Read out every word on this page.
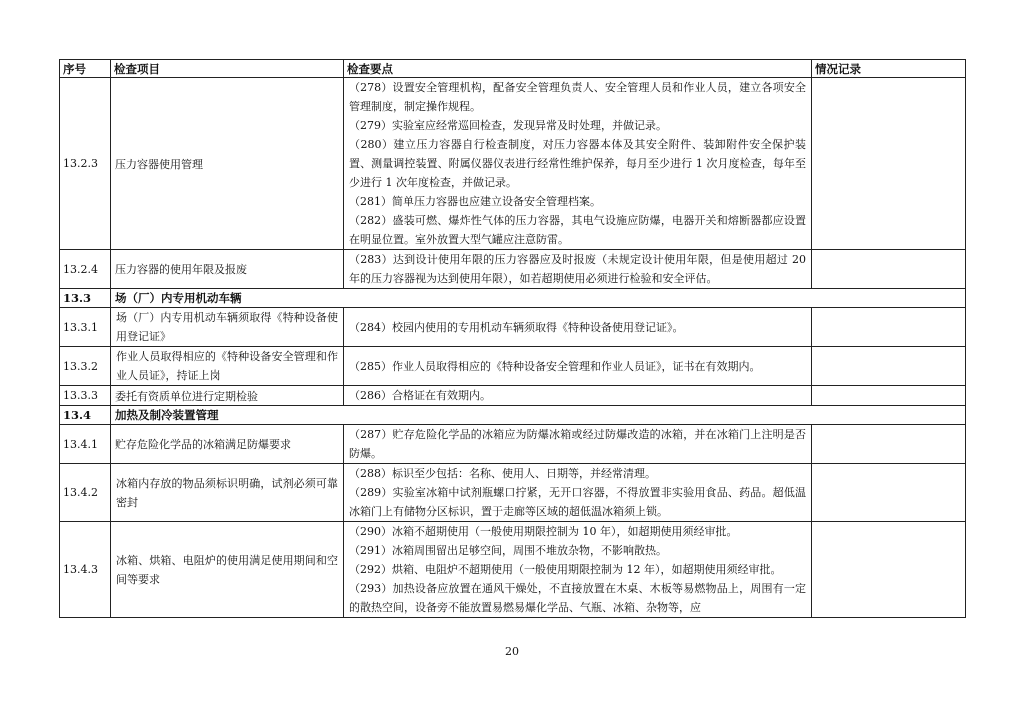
序号	检查项目	检查要点	情况记录
13.2.3	压力容器使用管理	（278）设置安全管理机构，配备安全管理负责人、安全管理人员和作业人员，建立各项安全管理制度，制定操作规程。
（279）实验室应经常巡回检查，发现异常及时处理，并做记录。
（280）建立压力容器自行检查制度，对压力容器本体及其安全附件、装卸附件安全保护装置、测量调控装置、附属仪器仪表进行经常性维护保养，每月至少进行 1 次月度检查，每年至少进行 1 次年度检查，并做记录。
（281）简单压力容器也应建立设备安全管理档案。
（282）盛装可燃、爆炸性气体的压力容器，其电气设施应防爆，电器开关和熔断器都应设置在明显位置。室外放置大型气罐应注意防雷。	

13.2.4	压力容器的使用年限及报废	（283）达到设计使用年限的压力容器应及时报废（未规定设计使用年限，但是使用超过 20 年的压力容器视为达到使用年限），如若超期使用必须进行检验和安全评估。	

13.3	场（厂）内专用机动车辆		
13.3.1	场（厂）内专用机动车辆须取得《特种设备使用登记证》	（284）校园内使用的专用机动车辆须取得《特种设备使用登记证》。	

13.3.2	作业人员取得相应的《特种设备安全管理和作业人员证》，持证上岗	（285）作业人员取得相应的《特种设备安全管理和作业人员证》，证书在有效期内。	

13.3.3	委托有资质单位进行定期检验	（286）合格证在有效期内。	

13.4	加热及制冷装置管理		
13.4.1	贮存危险化学品的冰箱满足防爆要求	（287）贮存危险化学品的冰箱应为防爆冰箱或经过防爆改造的冰箱，并在冰箱门上注明是否防爆。	

13.4.2	冰箱内存放的物品须标识明确，试剂必须可靠密封	（288）标识至少包括：名称、使用人、日期等，并经常清理。
（289）实验室冰箱中试剂瓶螺口拧紧，无开口容器，不得放置非实验用食品、药品。超低温冰箱门上有储物分区标识，置于走廊等区域的超低温冰箱须上锁。	

13.4.3	冰箱、烘箱、电阻炉的使用满足使用期间和空间等要求	（290）冰箱不超期使用（一般使用期限控制为 10 年），如超期使用须经审批。
（291）冰箱周围留出足够空间，周围不堆放杂物，不影响散热。
（292）烘箱、电阻炉不超期使用（一般使用期限控制为 12 年），如超期使用须经审批。
（293）加热设备应放置在通风干燥处，不直接放置在木桌、木板等易燃物品上，周围有一定的散热空间，设备旁不能放置易燃易爆化学品、气瓶、冰箱、杂物等，应	

20
